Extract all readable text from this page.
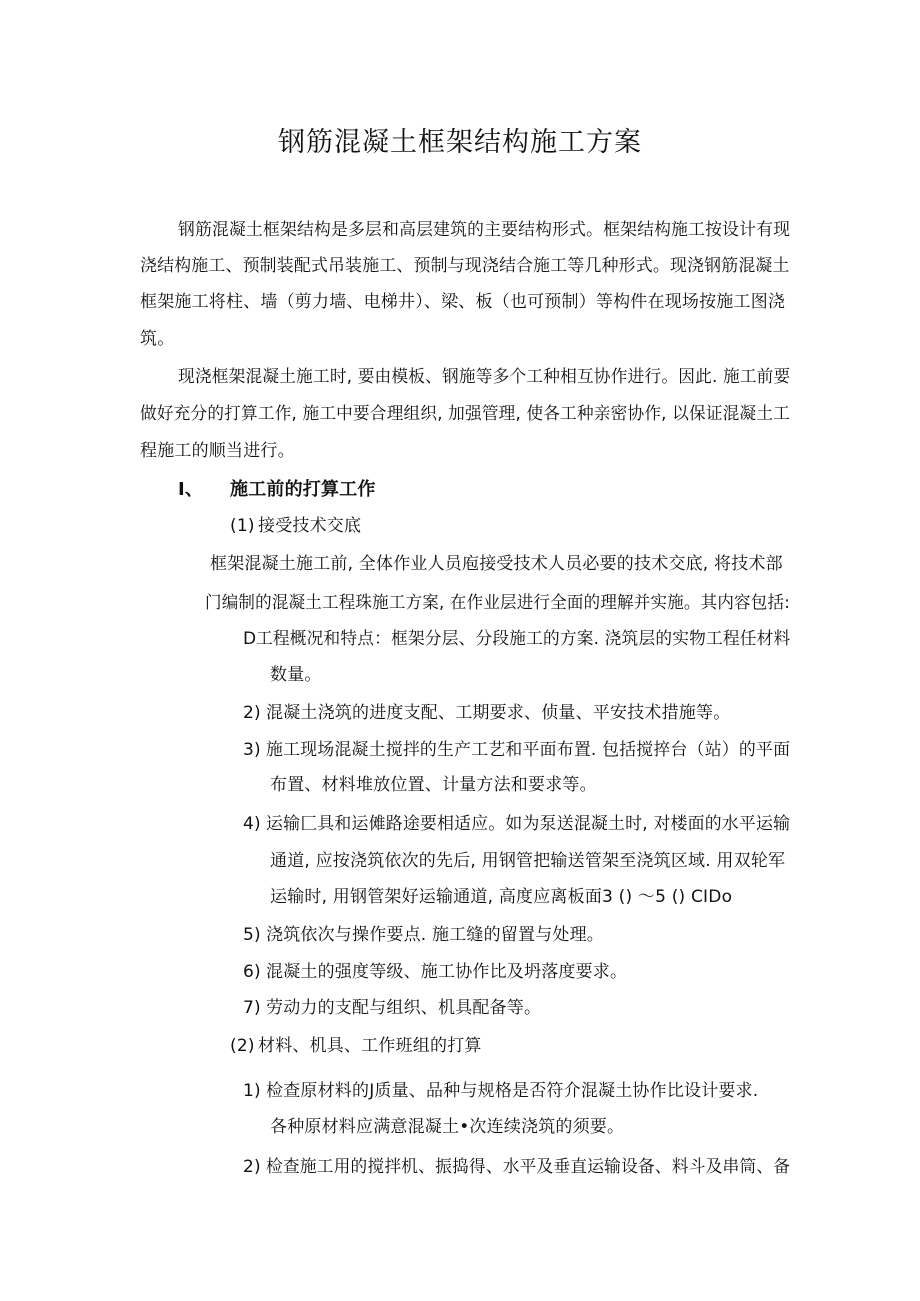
钢筋混凝土框架结构施工方案
钢筋混凝土框架结构是多层和高层建筑的主要结构形式。框架结构施工按设计有现
浇结构施工、预制装配式吊装施工、预制与现浇结合施工等几种形式。现浇钢筋混凝土
框架施工将柱、墙（剪力墙、电梯井）、梁、板（也可预制）等构件在现场按施工图浇
筑。
现浇框架混凝土施工时, 要由模板、钢施等多个工种相互协作进行。因此. 施工前要
做好充分的打算工作, 施工中要合理组织, 加强管理, 使各工种亲密协作, 以保证混凝土工
程施工的顺当进行。
I、 施工前的打算工作
(1) 接受技术交底
框架混凝土施工前, 全体作业人员庖接受技术人员必要的技术交底, 将技术部
门编制的混凝土工程珠施工方案, 在作业层进行全面的理解并实施。其内容包括:
D 工程概况和特点：框架分层、分段施工的方案. 浇筑层的实物工程任材料
数量。
2) 混凝土浇筑的进度支配、工期要求、侦量、平安技术措施等。
3) 施工现场混凝土搅拌的生产工艺和平面布置. 包括搅捽台（站）的平面
布置、材料堆放位置、计量方法和要求等。
4) 运输匚具和运傩路途要相适应。如为泵送混凝土时, 对楼面的水平运输
通道, 应按浇筑依次的先后, 用钢管把输送管架至浇筑区域. 用双轮军
运输时, 用钢管架好运输通道, 高度应离板面3 () 〜5 () CIDo
5) 浇筑依次与操作要点. 施工缝的留置与处理。
6) 混凝土的强度等级、施工协作比及坍落度要求。
7) 劳动力的支配与组织、机具配备等。
(2) 材料、机具、工作班组的打算
1) 检查原材料的J质量、品种与规格是否符介混凝土协作比设计要求.
各种原材料应满意混凝土•次连续浇筑的须要。
2) 检查施工用的搅拌机、振捣得、水平及垂直运输设备、料斗及串筒、备
